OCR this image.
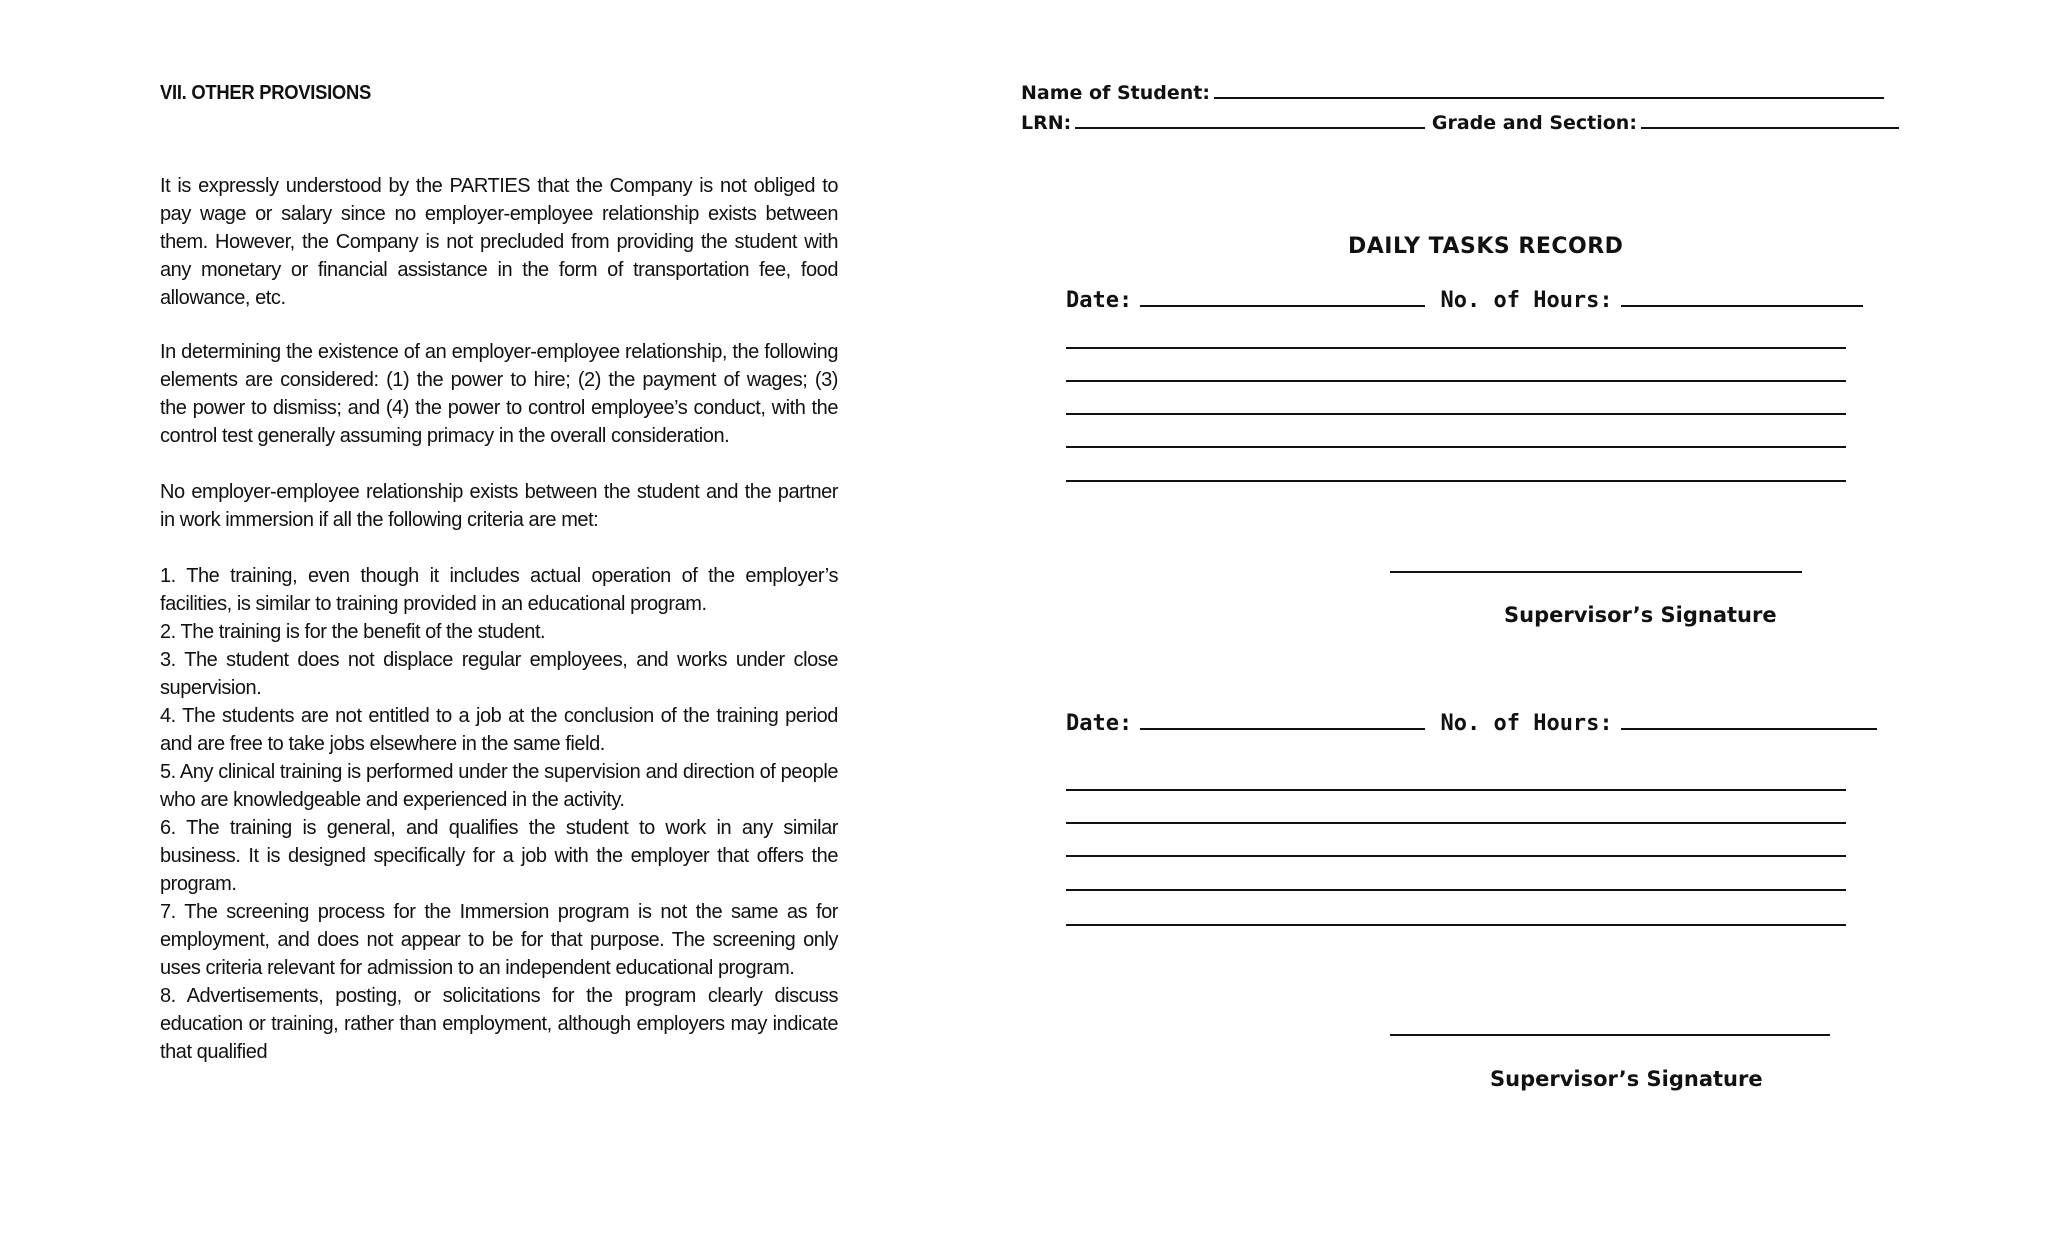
VII. OTHER PROVISIONS

It is expressly understood by the PARTIES that the Company is not obliged to pay wage or salary since no employer-employee relationship exists between them. However, the Company is not precluded from providing the student with any monetary or financial assistance in the form of transportation fee, food allowance, etc.

In determining the existence of an employer-employee relationship, the following elements are considered: (1) the power to hire; (2) the payment of wages; (3) the power to dismiss; and (4) the power to control employee’s conduct, with the control test generally assuming primacy in the overall consideration.

No employer-employee relationship exists between the student and the partner in work immersion if all the following criteria are met:

1. The training, even though it includes actual operation of the employer’s facilities, is similar to training provided in an educational program.

2. The training is for the benefit of the student.

3. The student does not displace regular employees, and works under close supervision.

4. The students are not entitled to a job at the conclusion of the training period and are free to take jobs elsewhere in the same field.

5. Any clinical training is performed under the supervision and direction of people who are knowledgeable and experienced in the activity.

6. The training is general, and qualifies the student to work in any similar business. It is designed specifically for a job with the employer that offers the program.

7. The screening process for the Immersion program is not the same as for employment, and does not appear to be for that purpose. The screening only uses criteria relevant for admission to an independent educational program.

8. Advertisements, posting, or solicitations for the program clearly discuss education or training, rather than employment, although employers may indicate that qualified

Name of Student:
LRN:	Grade and Section:
DAILY TASKS RECORD
Date:	No. of Hours:
Supervisor’s Signature
Date:	No. of Hours:
Supervisor’s Signature
